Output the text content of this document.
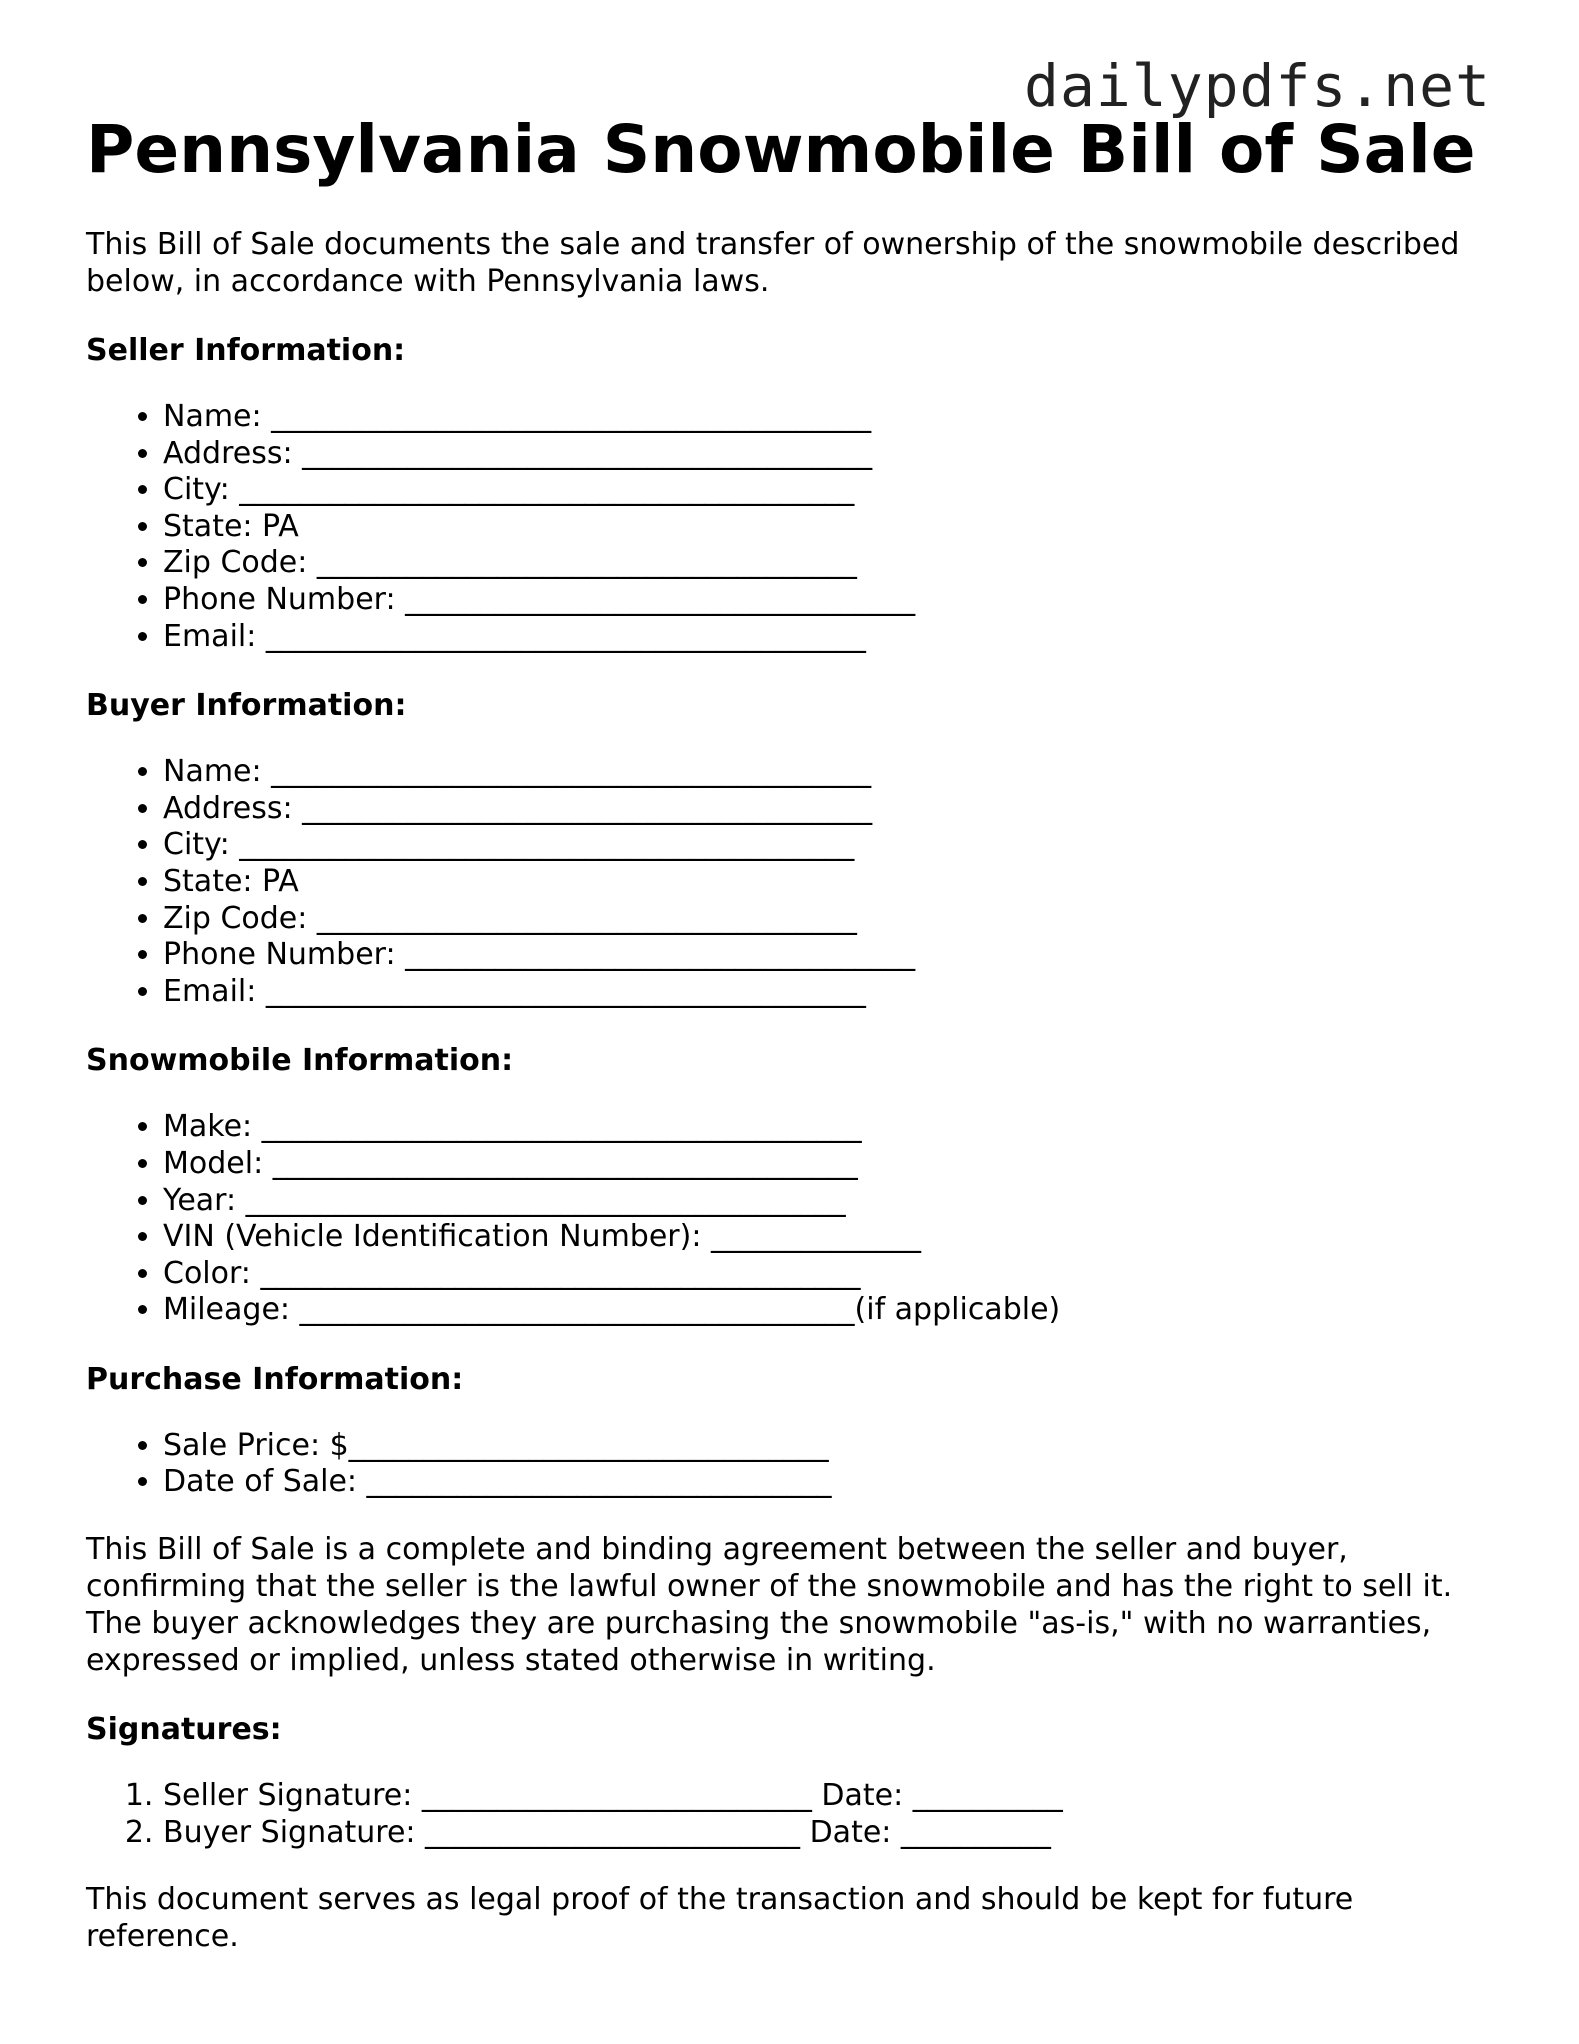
dailypdfs.net
Pennsylvania Snowmobile Bill of Sale

This Bill of Sale documents the sale and transfer of ownership of the snowmobile described below, in accordance with Pennsylvania laws.

Seller Information:
• Name: ________________________________________
• Address: ______________________________________
• City: _________________________________________
• State: PA
• Zip Code: ____________________________________
• Phone Number: __________________________________
• Email: ________________________________________
Buyer Information:
• Name: ________________________________________
• Address: ______________________________________
• City: _________________________________________
• State: PA
• Zip Code: ____________________________________
• Phone Number: __________________________________
• Email: ________________________________________
Snowmobile Information:
• Make: ________________________________________
• Model: _______________________________________
• Year: ________________________________________
• VIN (Vehicle Identification Number): ______________
• Color: ________________________________________
• Mileage: _____________________________________(if applicable)
Purchase Information:
• Sale Price: $________________________________
• Date of Sale: _______________________________

This Bill of Sale is a complete and binding agreement between the seller and buyer, confirming that the seller is the lawful owner of the snowmobile and has the right to sell it. The buyer acknowledges they are purchasing the snowmobile "as-is," with no warranties, expressed or implied, unless stated otherwise in writing.

Signatures:
1. Seller Signature: __________________________ Date: __________
2. Buyer Signature: _________________________ Date: __________

This document serves as legal proof of the transaction and should be kept for future reference.
